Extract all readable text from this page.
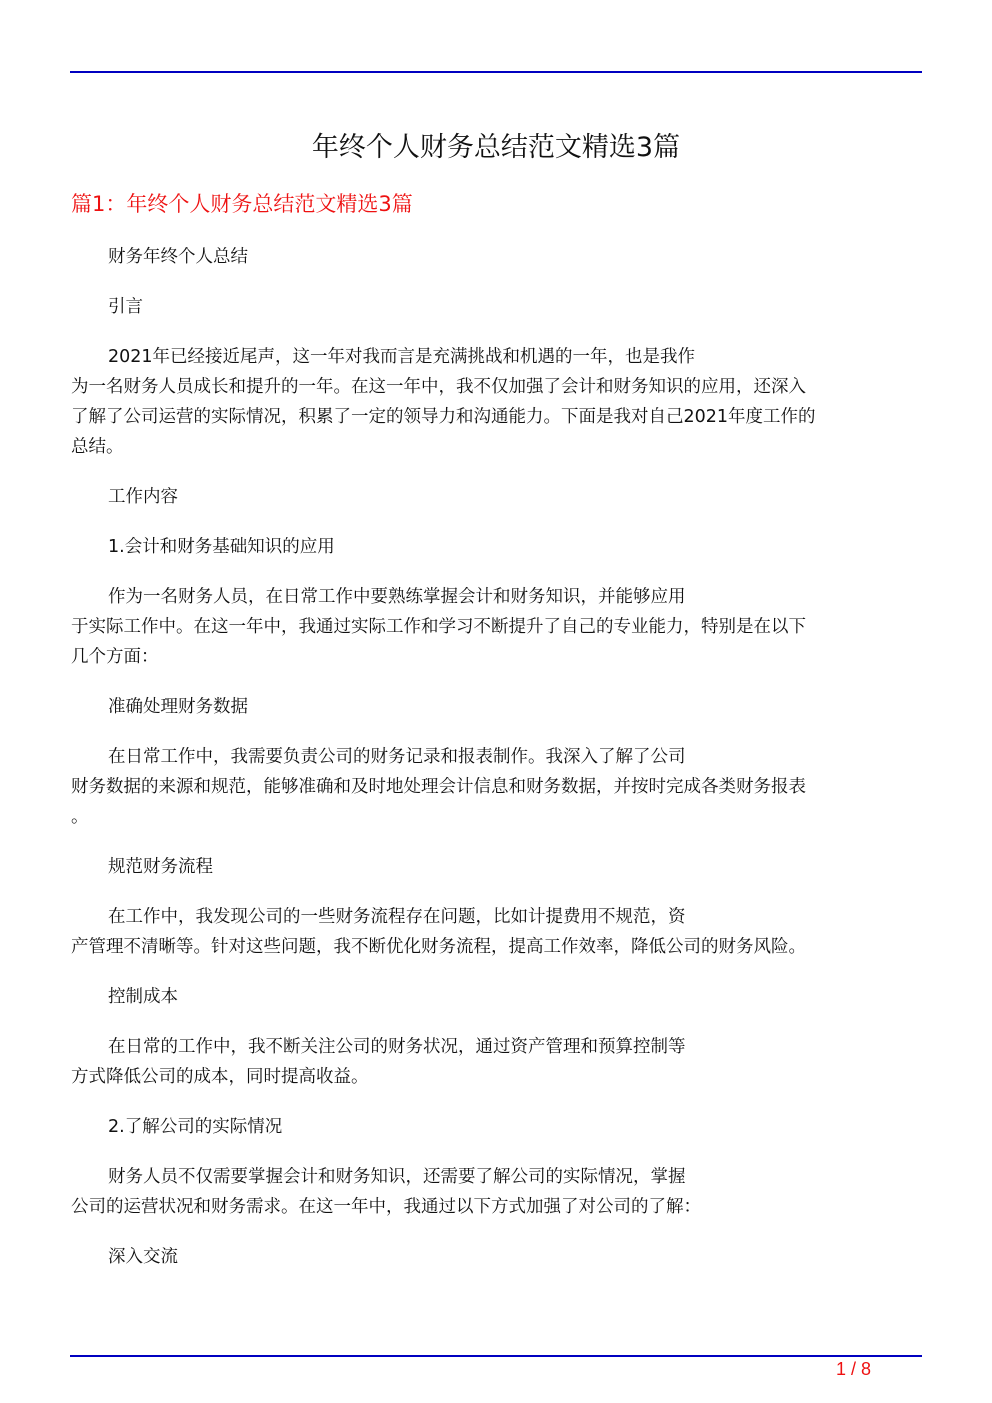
年终个人财务总结范文精选3篇
篇1：年终个人财务总结范文精选3篇
财务年终个人总结
引言
2021年已经接近尾声，这一年对我而言是充满挑战和机遇的一年，也是我作
为一名财务人员成长和提升的一年。在这一年中，我不仅加强了会计和财务知识的应用，还深入
了解了公司运营的实际情况，积累了一定的领导力和沟通能力。下面是我对自己2021年度工作的
总结。
工作内容
1.会计和财务基础知识的应用
作为一名财务人员，在日常工作中要熟练掌握会计和财务知识，并能够应用
于实际工作中。在这一年中，我通过实际工作和学习不断提升了自己的专业能力，特别是在以下
几个方面：
准确处理财务数据
在日常工作中，我需要负责公司的财务记录和报表制作。我深入了解了公司
财务数据的来源和规范，能够准确和及时地处理会计信息和财务数据，并按时完成各类财务报表
。
规范财务流程
在工作中，我发现公司的一些财务流程存在问题，比如计提费用不规范，资
产管理不清晰等。针对这些问题，我不断优化财务流程，提高工作效率，降低公司的财务风险。
控制成本
在日常的工作中，我不断关注公司的财务状况，通过资产管理和预算控制等
方式降低公司的成本，同时提高收益。
2.了解公司的实际情况
财务人员不仅需要掌握会计和财务知识，还需要了解公司的实际情况，掌握
公司的运营状况和财务需求。在这一年中，我通过以下方式加强了对公司的了解：
深入交流
1 / 8
